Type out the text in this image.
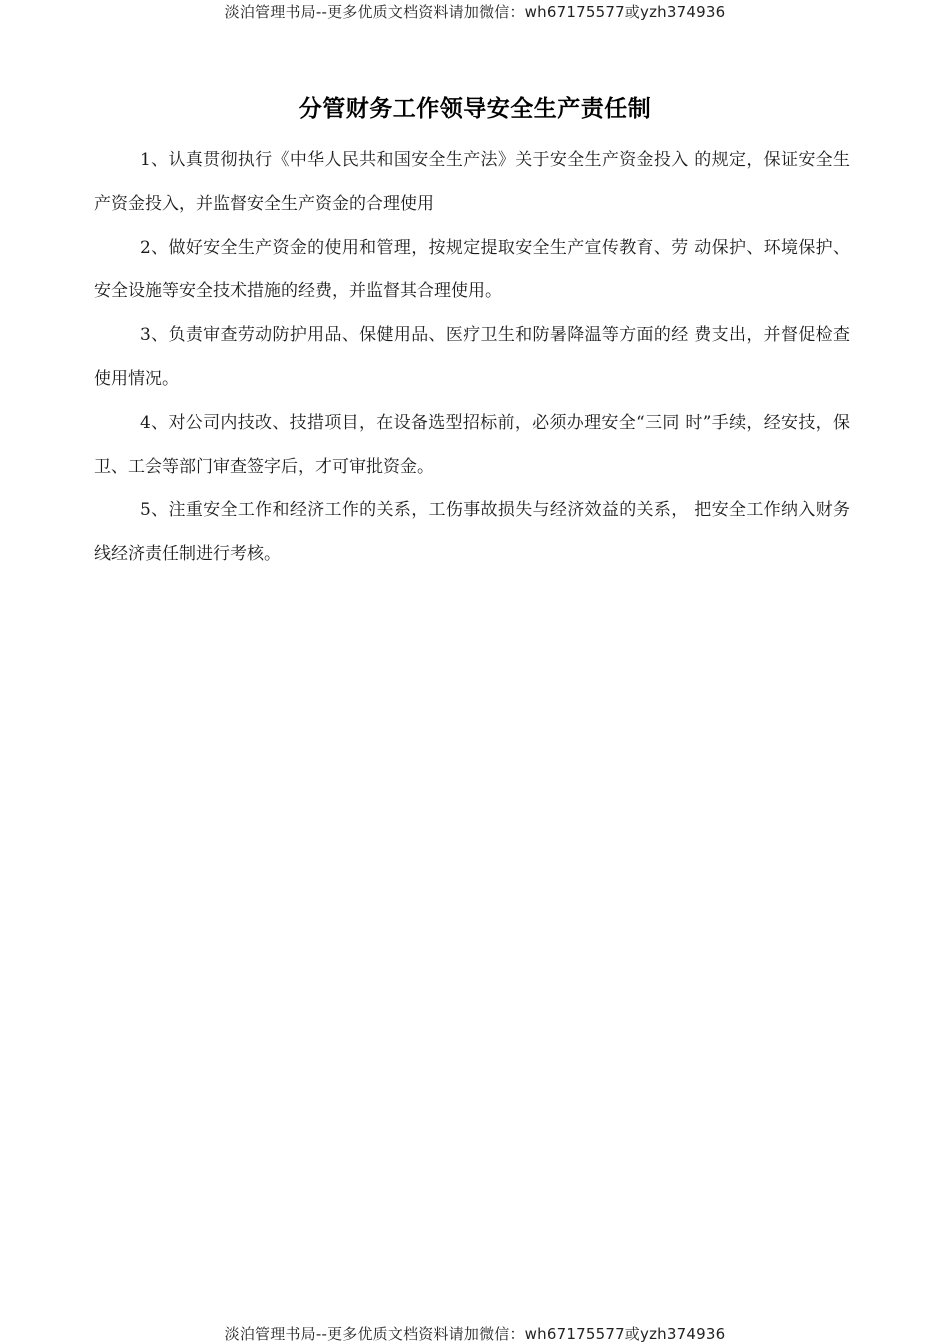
淡泊管理书局--更多优质文档资料请加微信：wh67175577或yzh374936
分管财务工作领导安全生产责任制

1、认真贯彻执行《中华人民共和国安全生产法》关于安全生产资金投入 的规定，保证安全生产资金投入，并监督安全生产资金的合理使用

2、做好安全生产资金的使用和管理，按规定提取安全生产宣传教育、劳 动保护、环境保护、安全设施等安全技术措施的经费，并监督其合理使用。

3、负责审查劳动防护用品、保健用品、医疗卫生和防暑降温等方面的经 费支出，并督促检查使用情况。

4、对公司内技改、技措项目，在设备选型招标前，必须办理安全“三同 时”手续，经安技，保卫、工会等部门审查签字后，才可审批资金。

5、注重安全工作和经济工作的关系，工伤事故损失与经济效益的关系， 把安全工作纳入财务线经济责任制进行考核。

淡泊管理书局--更多优质文档资料请加微信：wh67175577或yzh374936
